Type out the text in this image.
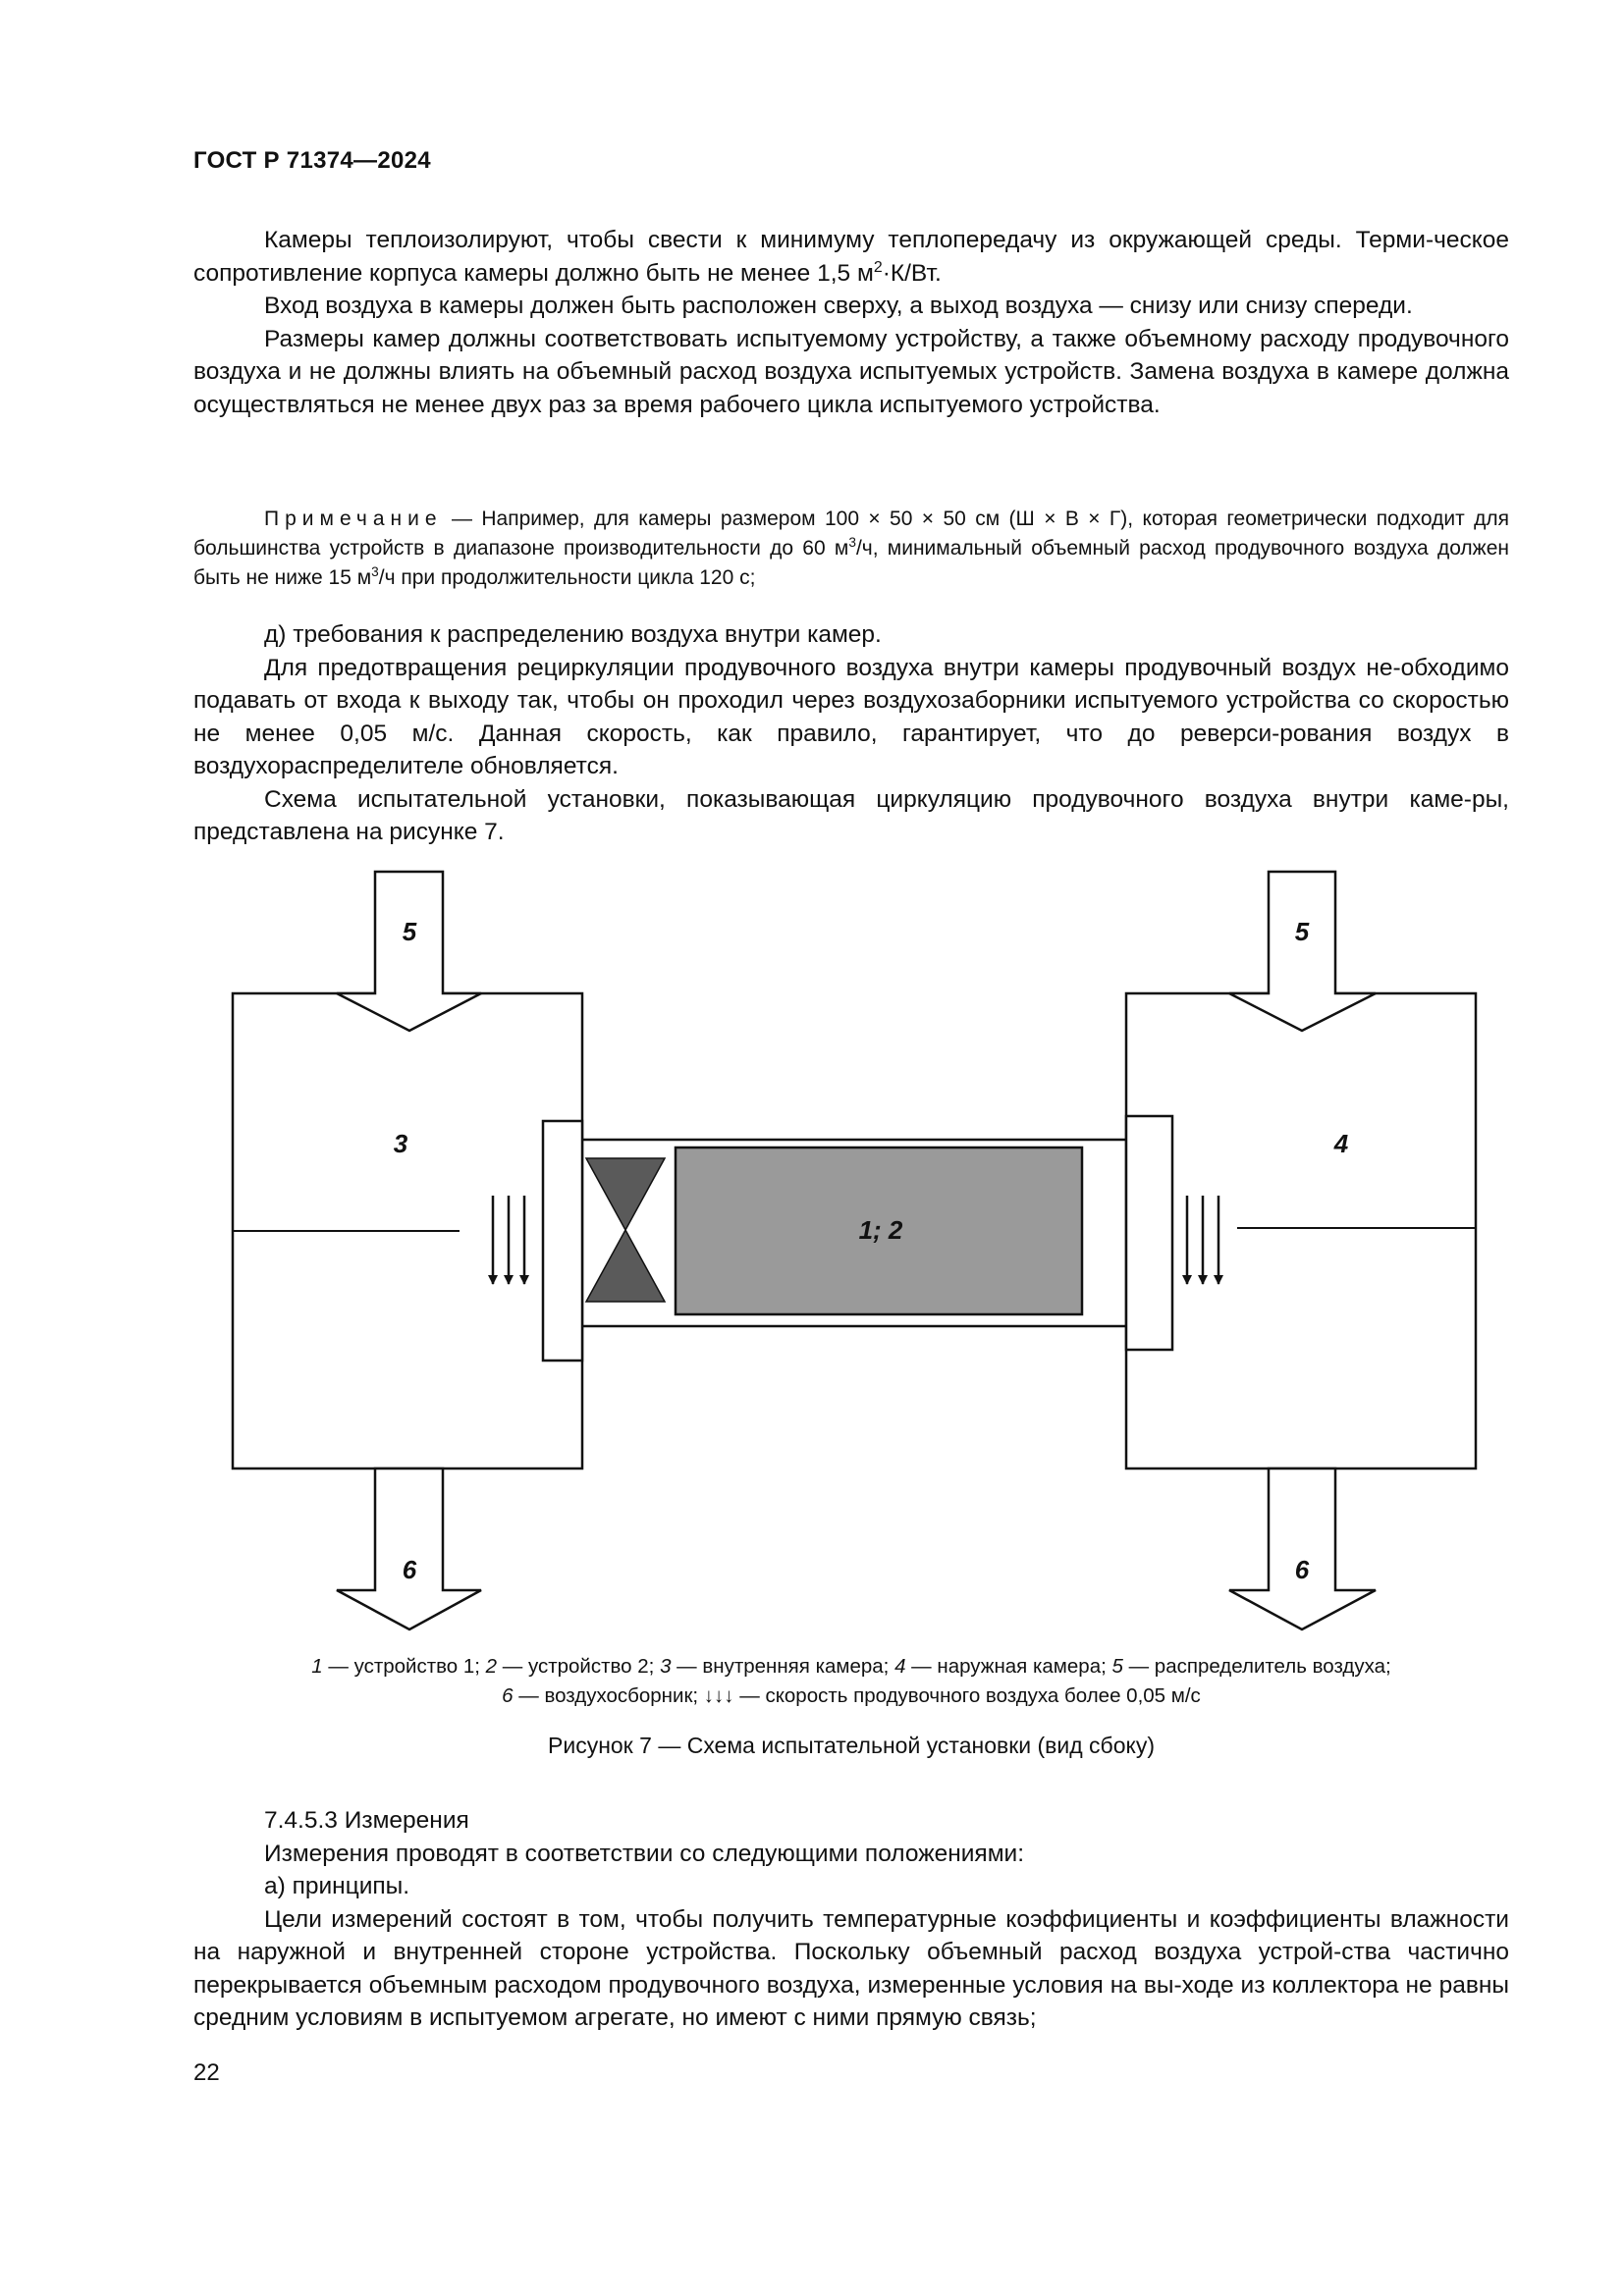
ГОСТ Р 71374—2024

Камеры теплоизолируют, чтобы свести к минимуму теплопередачу из окружающей среды. Терми-ческое сопротивление корпуса камеры должно быть не менее 1,5 $м^2\cdot К/Вт$.

Вход воздуха в камеры должен быть расположен сверху, а выход воздуха — снизу или снизу спереди.

Размеры камер должны соответствовать испытуемому устройству, а также объемному расходу продувочного воздуха и не должны влиять на объемный расход воздуха испытуемых устройств. Замена воздуха в камере должна осуществляться не менее двух раз за время рабочего цикла испытуемого устройства.

Примечание — Например, для камеры размером 100 × 50 × 50 см (Ш × В × Г), которая геометрически подходит для большинства устройств в диапазоне производительности до 60 $м^3/ч$, минимальный объемный расход продувочного воздуха должен быть не ниже 15 $м^3/ч$ при продолжительности цикла 120 с;

д) требования к распределению воздуха внутри камер.

Для предотвращения рециркуляции продувочного воздуха внутри камеры продувочный воздух не-обходимо подавать от входа к выходу так, чтобы он проходил через воздухозаборники испытуемого устройства со скоростью не менее 0,05 м/с. Данная скорость, как правило, гарантирует, что до реверси-рования воздух в воздухораспределителе обновляется.

Схема испытательной установки, показывающая циркуляцию продувочного воздуха внутри каме-ры, представлена на рисунке 7.

5	5
3	4
1; 2
6	6
1 — устройство 1; 2 — устройство 2; 3 — внутренняя камера; 4 — наружная камера; 5 — распределитель воздуха;
6 — воздухосборник; ↓↓↓ — скорость продувочного воздуха более 0,05 м/с
Рисунок 7 — Схема испытательной установки (вид сбоку)

7.4.5.3 Измерения

Измерения проводят в соответствии со следующими положениями:

а) принципы.

Цели измерений состоят в том, чтобы получить температурные коэффициенты и коэффициенты влажности на наружной и внутренней стороне устройства. Поскольку объемный расход воздуха устрой-ства частично перекрывается объемным расходом продувочного воздуха, измеренные условия на вы-ходе из коллектора не равны средним условиям в испытуемом агрегате, но имеют с ними прямую связь;

22
